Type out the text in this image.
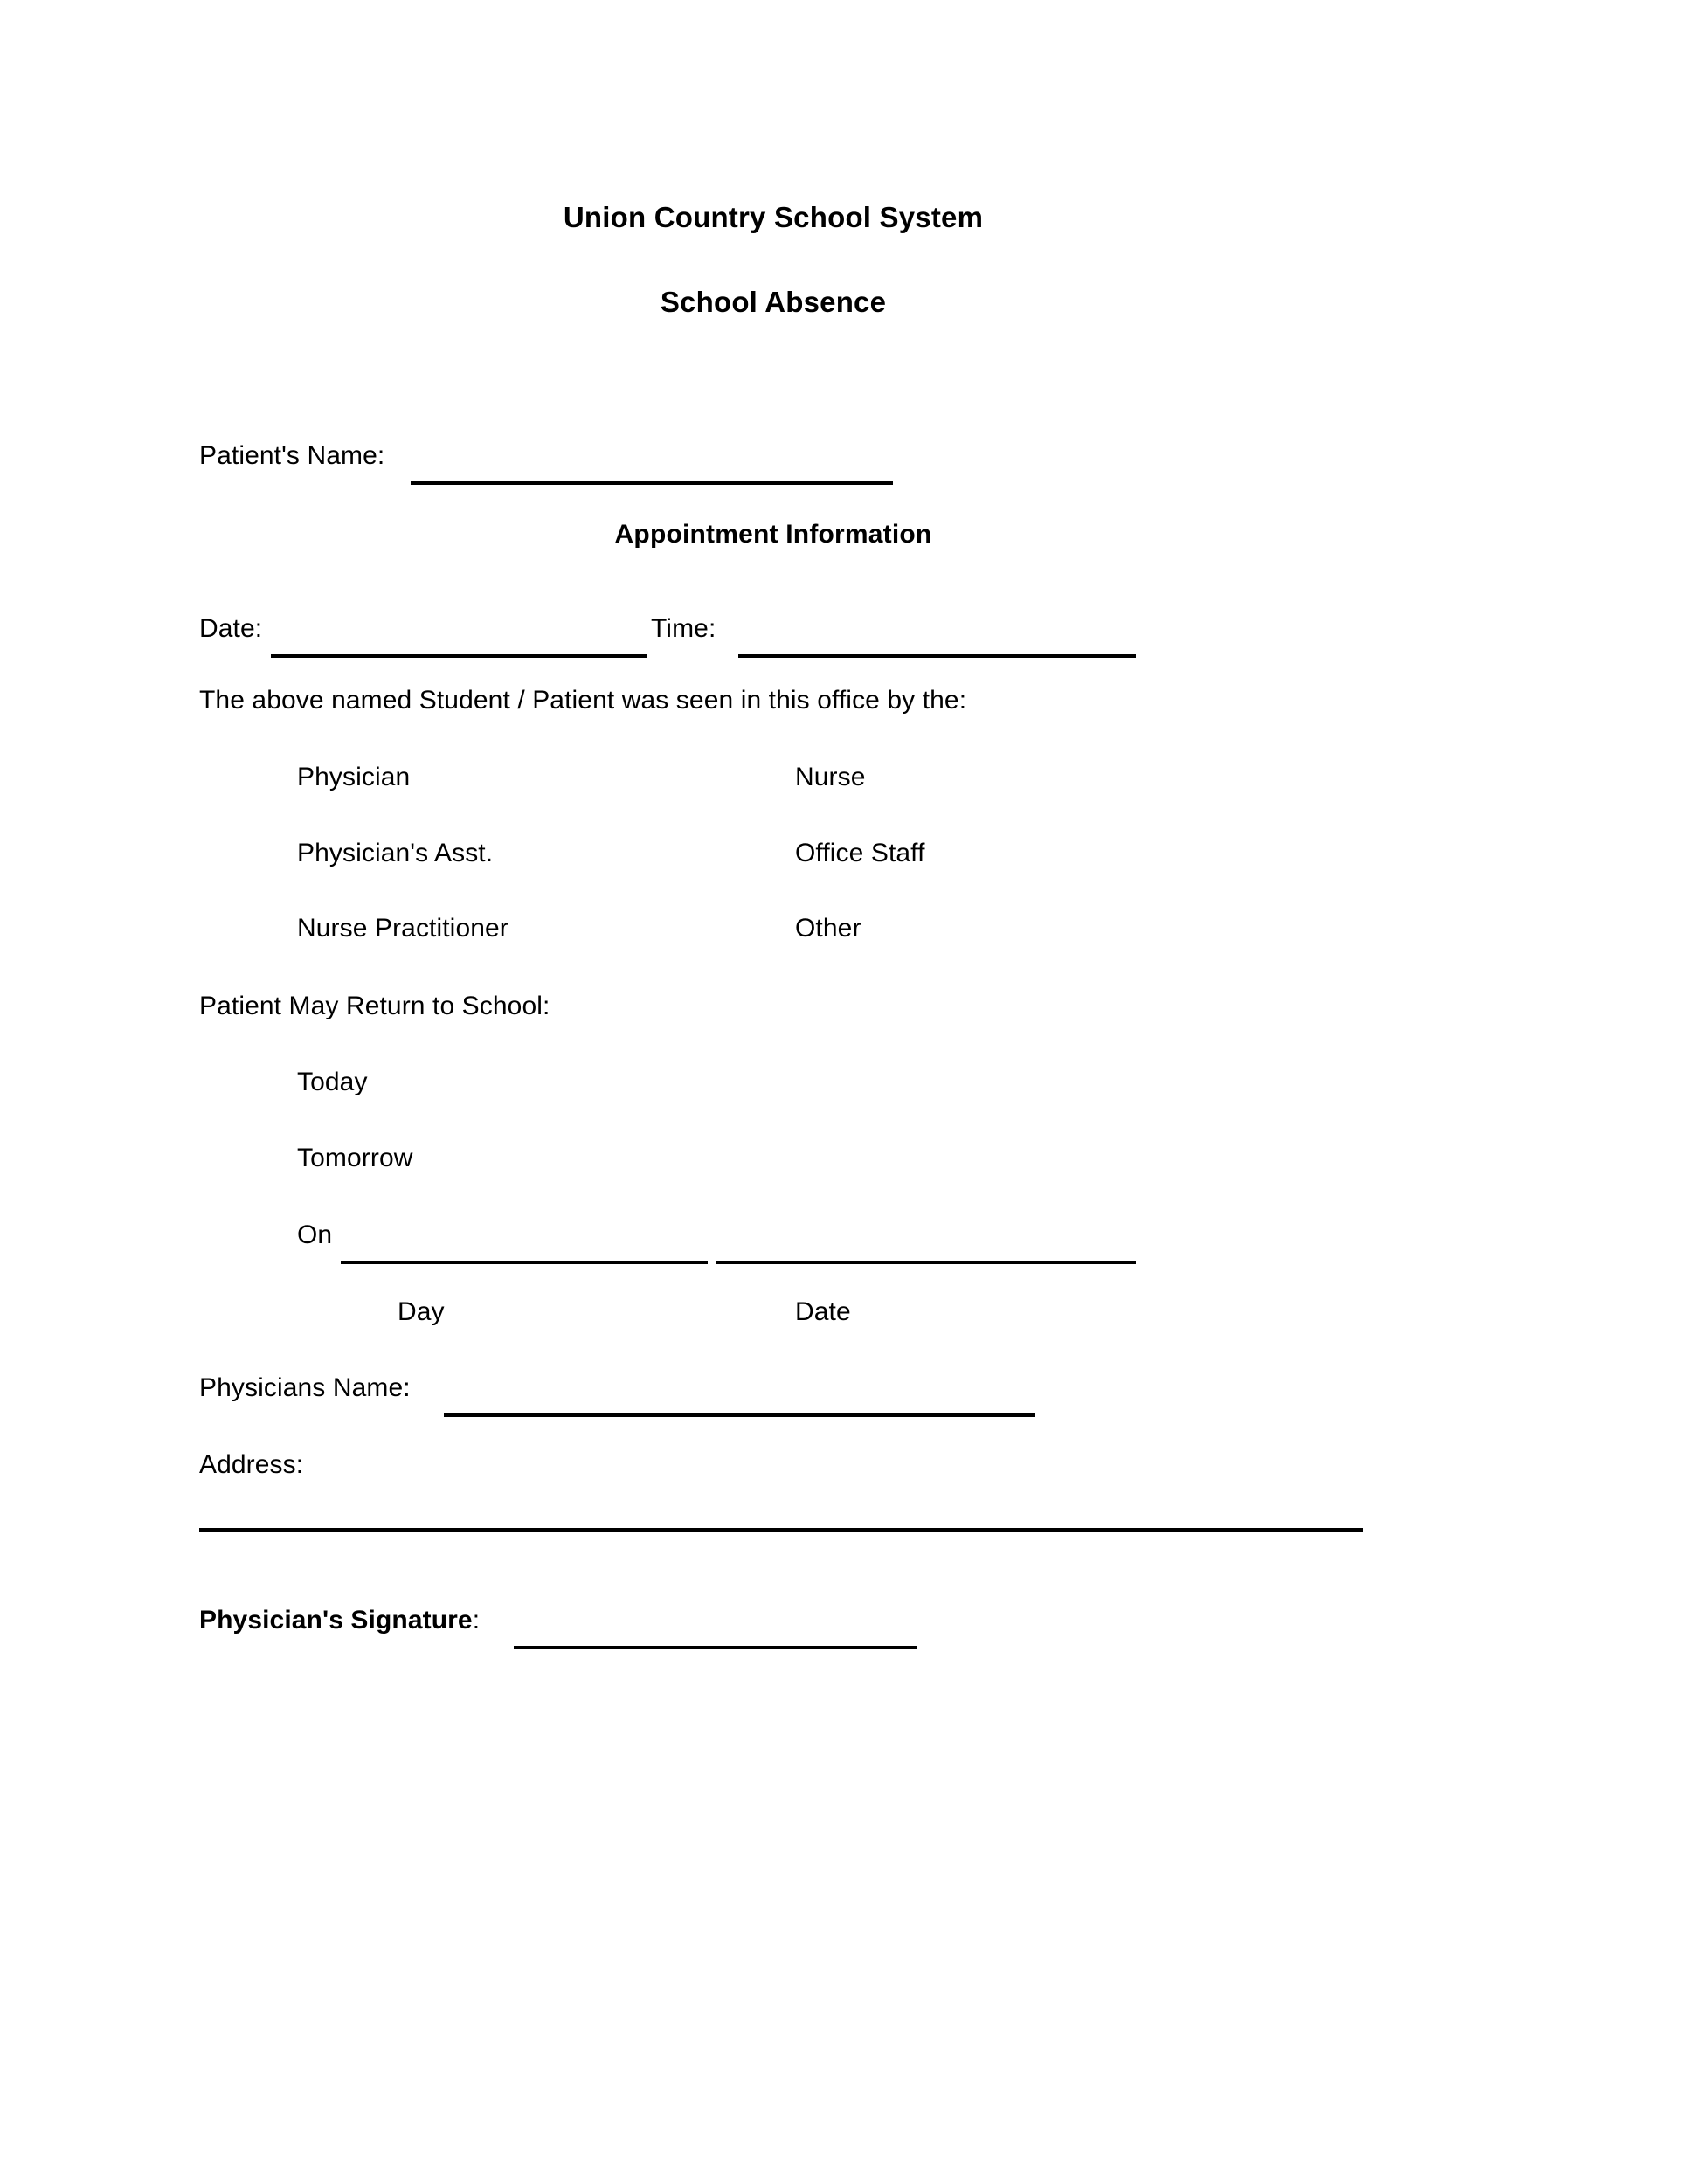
Union Country School System
School Absence
Patient's Name:
Appointment Information
Date:	Time:
The above named Student / Patient was seen in this office by the:
Physician	Nurse
Physician's Asst.	Office Staff
Nurse Practitioner	Other
Patient May Return to School:
Today
Tomorrow
On
Day	Date
Physicians Name:
Address:
Physician's Signature:
